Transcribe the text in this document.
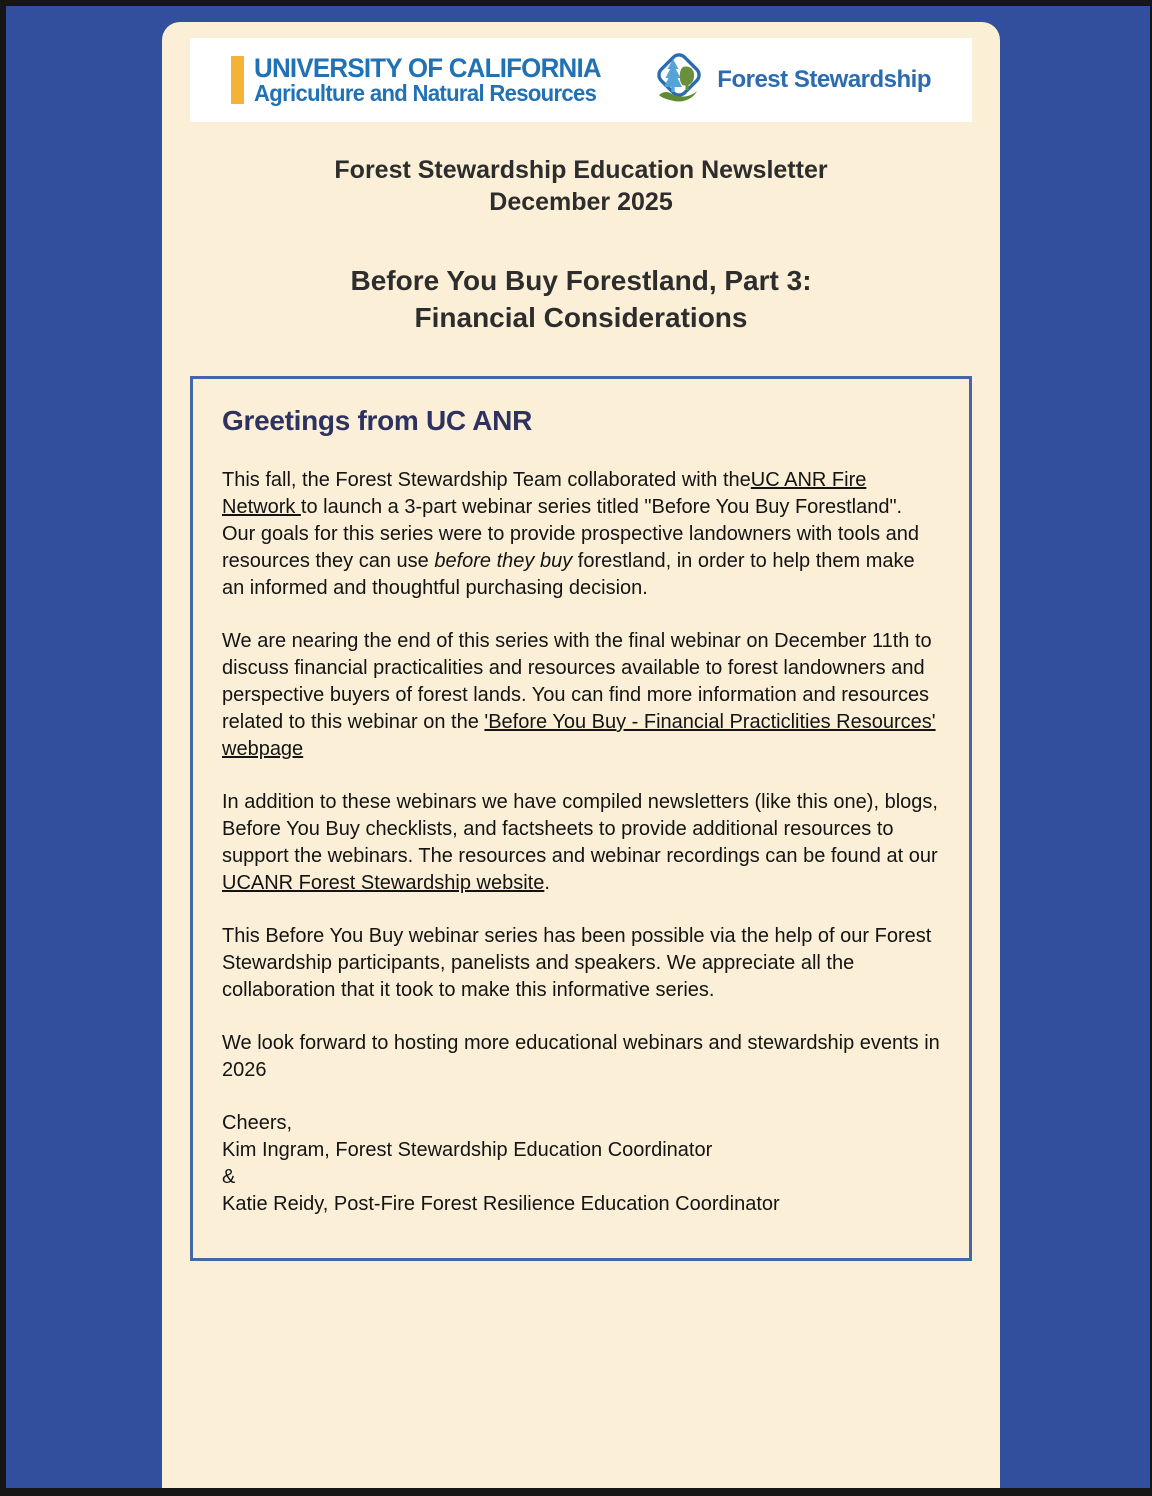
UNIVERSITY OF CALIFORNIA
Agriculture and Natural Resources
Forest Stewardship
Forest Stewardship Education Newsletter
December 2025
Before You Buy Forestland, Part 3:
Financial Considerations
Greetings from UC ANR

This fall, the Forest Stewardship Team collaborated with theUC ANR Fire Network to launch a 3-part webinar series titled "Before You Buy Forestland". Our goals for this series were to provide prospective landowners with tools and resources they can use before they buy forestland, in order to help them make an informed and thoughtful purchasing decision.

We are nearing the end of this series with the final webinar on December 11th to discuss financial practicalities and resources available to forest landowners and perspective buyers of forest lands. You can find more information and resources related to this webinar on the 'Before You Buy - Financial Practiclities Resources' webpage

In addition to these webinars we have compiled newsletters (like this one), blogs, Before You Buy checklists, and factsheets to provide additional resources to support the webinars. The resources and webinar recordings can be found at our UCANR Forest Stewardship website.

This Before You Buy webinar series has been possible via the help of our Forest Stewardship participants, panelists and speakers. We appreciate all the collaboration that it took to make this informative series.

We look forward to hosting more educational webinars and stewardship events in 2026

Cheers,
Kim Ingram, Forest Stewardship Education Coordinator
&
Katie Reidy, Post-Fire Forest Resilience Education Coordinator
